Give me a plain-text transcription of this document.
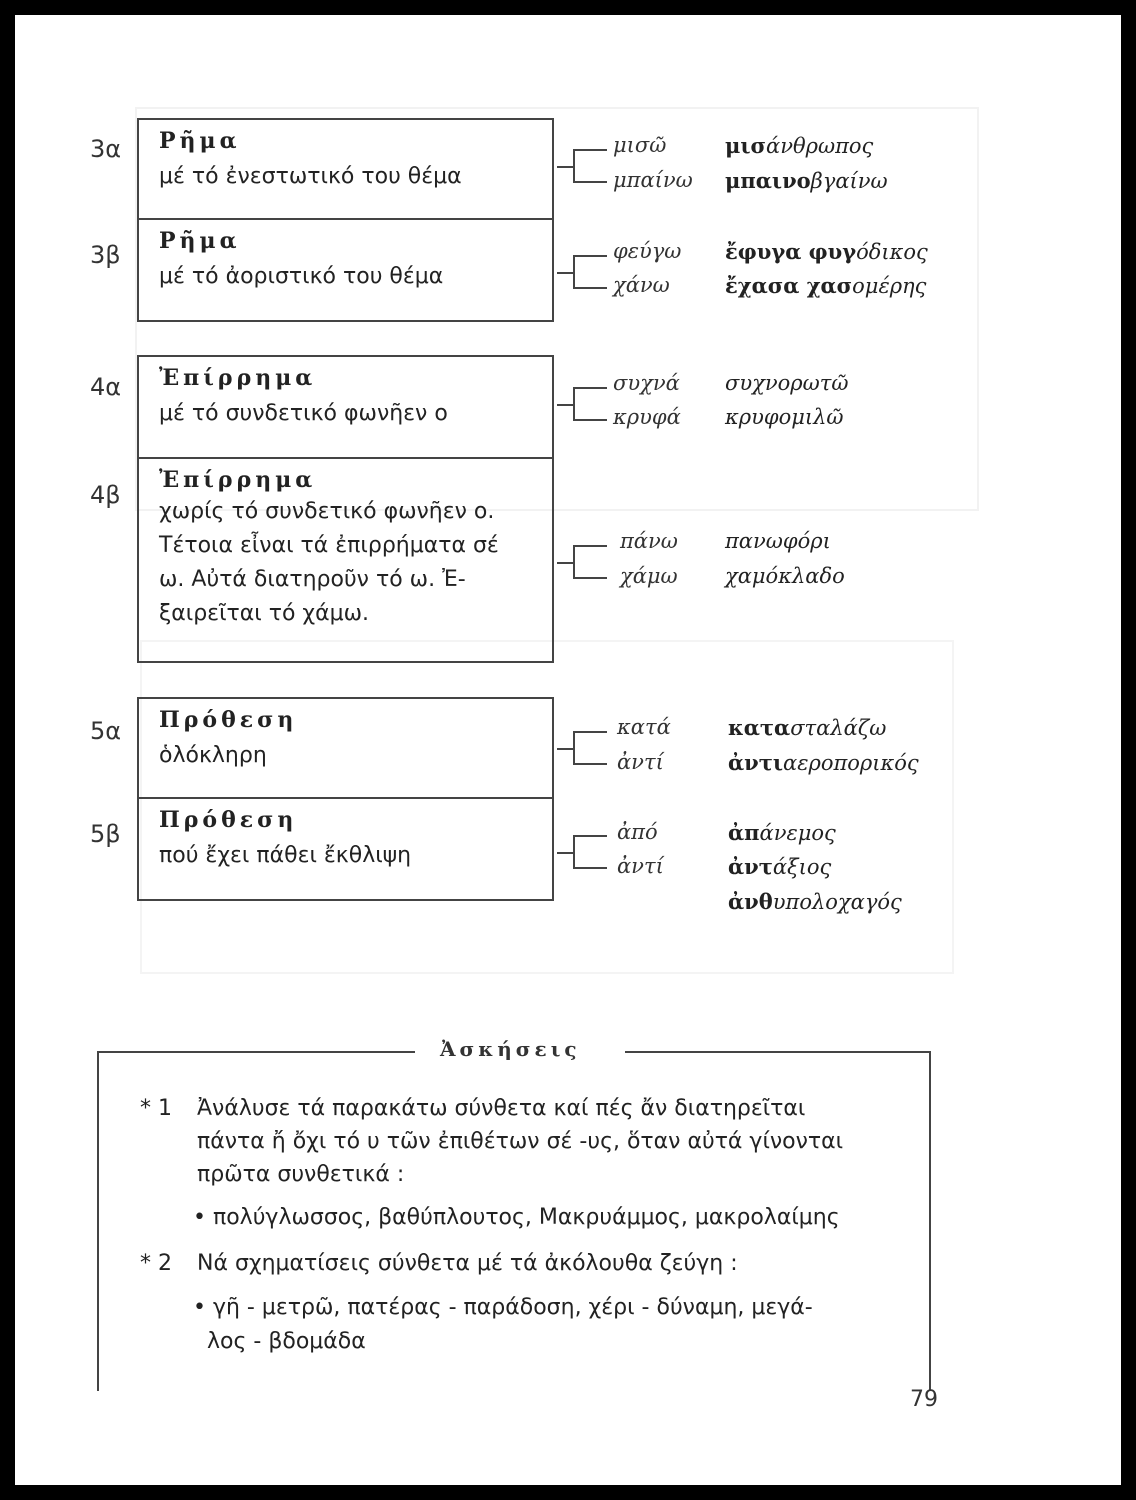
3α
3β
4α
4β
5α
5β
Ρῆμα
μέ τό ἐνεστωτικό του θέμα
Ρῆμα
μέ τό ἀοριστικό του θέμα
Ἐπίρρημα
μέ τό συνδετικό φωνῆεν ο
Ἐπίρρημα
χωρίς τό συνδετικό φωνῆεν ο.
Τέτοια εἶναι τά ἐπιρρήματα σέ
ω. Αὐτά διατηροῦν τό ω. Ἐ-
ξαιρεῖται τό χάμω.
Πρόθεση
ὁλόκληρη
Πρόθεση
πού ἔχει πάθει ἔκθλιψη
μισῶ
μπαίνω
φεύγω
χάνω
συχνά
κρυφά
πάνω
χάμω
κατά
ἀντί
ἀπό
ἀντί
μισάνθρωπος
μπαινοβγαίνω
ἔφυγα φυγόδικος
ἔχασα χασομέρης
συχνορωτῶ
κρυφομιλῶ
πανωφόρι
χαμόκλαδο
κατασταλάζω
ἀντιαεροπορικός
ἀπάνεμος
ἀντάξιος
ἀνθυπολοχαγός
Ἀσκήσεις
* 1 Ἀνάλυσε τά παρακάτω σύνθετα καί πές ἄν διατηρεῖται
πάντα ἤ ὄχι τό υ τῶν ἐπιθέτων σέ -υς, ὅταν αὐτά γίνονται
πρῶτα συνθετικά :
• πολύγλωσσος, βαθύπλουτος, Μακρυάμμος, μακρολαίμης
* 2 Νά σχηματίσεις σύνθετα μέ τά ἀκόλουθα ζεύγη :
• γῆ - μετρῶ, πατέρας - παράδοση, χέρι - δύναμη, μεγά-
λος - βδομάδα
79
